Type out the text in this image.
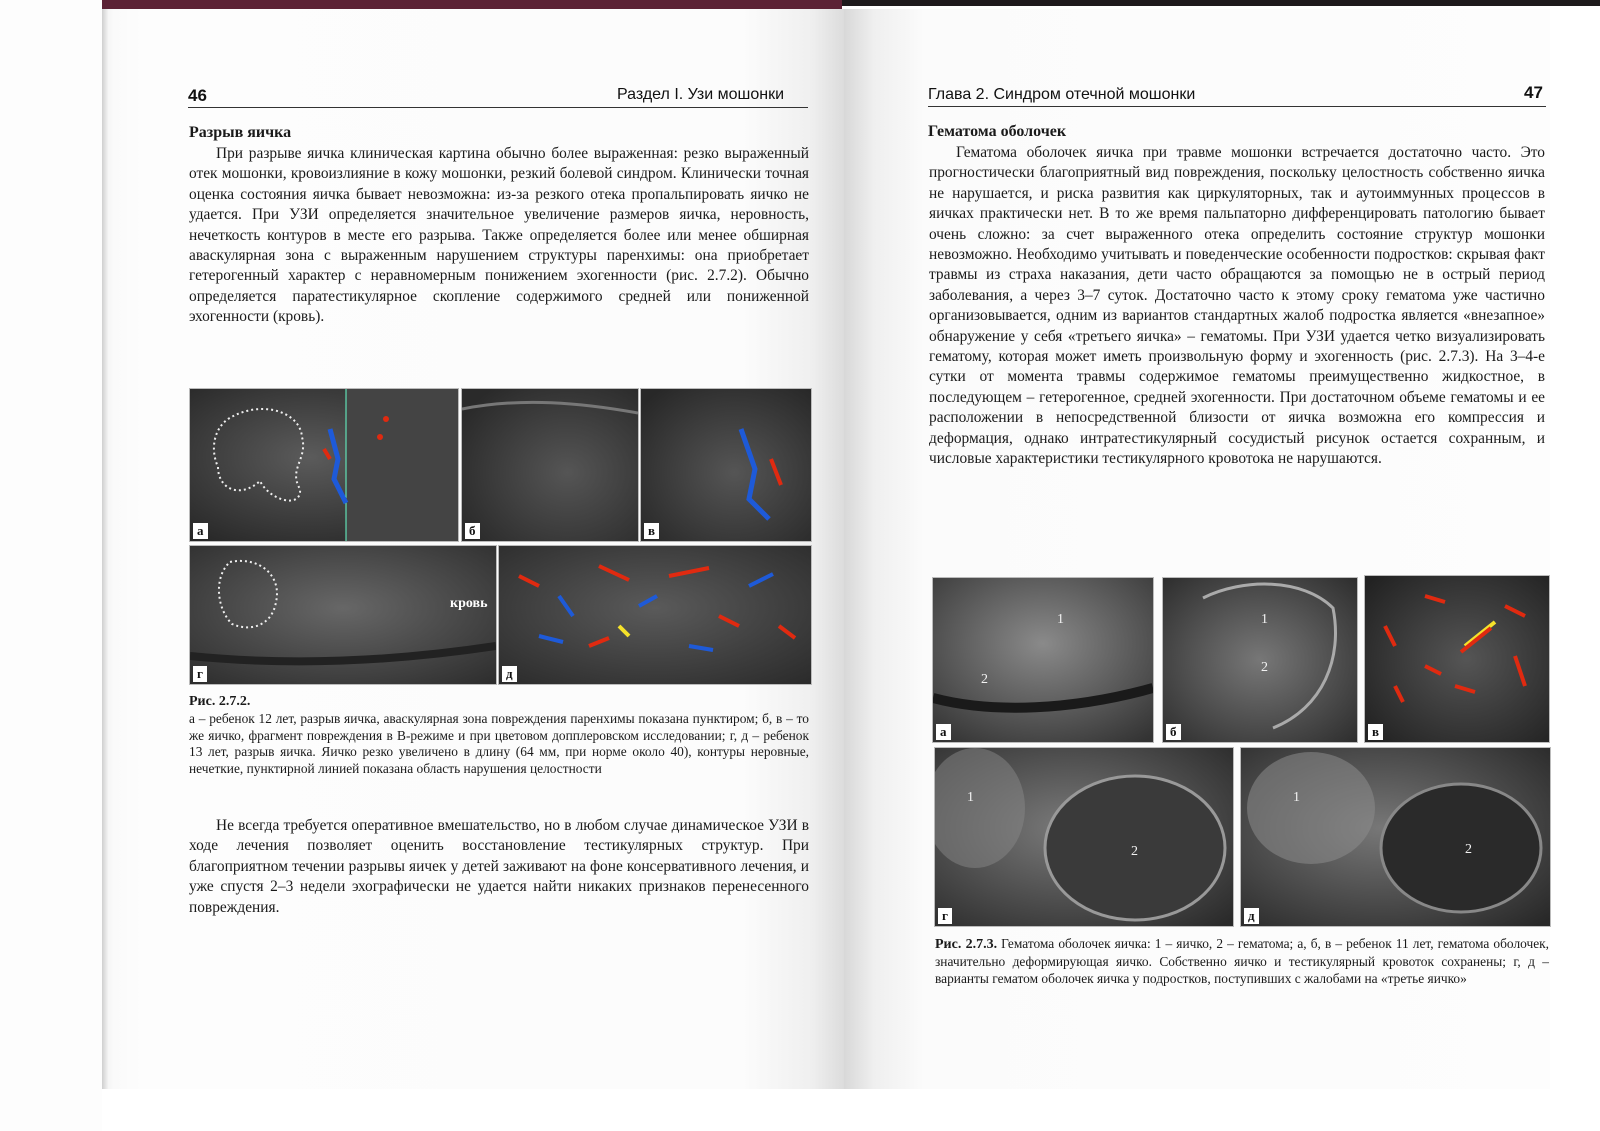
46	Раздел I. Узи мошонки
Разрыв яичка

При разрыве яичка клиническая картина обычно более выраженная: резко выраженный отек мошонки, кровоизлияние в кожу мошонки, резкий болевой синдром. Клинически точная оценка состояния яичка бывает невозможна: из-за резкого отека пропальпировать яичко не удается. При УЗИ определяется значительное увеличение размеров яичка, неровность, нечеткость контуров в месте его разрыва. Также определяется более или менее обширная аваскулярная зона с выраженным нарушением структуры паренхимы: она приобретает гетерогенный характер с неравномерным понижением эхогенности (рис. 2.7.2). Обычно определяется паратестикулярное скопление содержимого средней или пониженной эхогенности (кровь).

а	б	в
кровь
г	д

Рис. 2.7.2.
а – ребенок 12 лет, разрыв яичка, аваскулярная зона повреждения паренхимы показана пунктиром; б, в – то же яичко, фрагмент повреждения в В-режиме и при цветовом допплеровском исследовании; г, д – ребенок 13 лет, разрыв яичка. Яичко резко увеличено в длину (64 мм, при норме около 40), контуры неровные, нечеткие, пунктирной линией показана область нарушения целостности

Не всегда требуется оперативное вмешательство, но в любом случае динамическое УЗИ в ходе лечения позволяет оценить восстановление тестикулярных структур. При благоприятном течении разрывы яичек у детей заживают на фоне консервативного лечения, и уже спустя 2–3 недели эхографически не удается найти никаких признаков перенесенного повреждения.

Глава 2. Синдром отечной мошонки	47
Гематома оболочек

Гематома оболочек яичка при травме мошонки встречается достаточно часто. Это прогностически благоприятный вид повреждения, поскольку целостность собственно яичка не нарушается, и риска развития как циркуляторных, так и аутоиммунных процессов в яичках практически нет. В то же время пальпаторно дифференцировать патологию бывает очень сложно: за счет выраженного отека определить состояние структур мошонки невозможно. Необходимо учитывать и поведенческие особенности подростков: скрывая факт травмы из страха наказания, дети часто обращаются за помощью не в острый период заболевания, а через 3–7 суток. Достаточно часто к этому сроку гематома уже частично организовывается, одним из вариантов стандартных жалоб подростка является «внезапное» обнаружение у себя «третьего яичка» – гематомы. При УЗИ удается четко визуализировать гематому, которая может иметь произвольную форму и эхогенность (рис. 2.7.3). На 3–4-е сутки от момента травмы содержимое гематомы преимущественно жидкостное, в последующем – гетерогенное, средней эхогенности. При достаточном объеме гематомы и ее расположении в непосредственной близости от яичка возможна его компрессия и деформация, однако интратестикулярный сосудистый рисунок остается сохранным, и числовые характеристики тестикулярного кровотока не нарушаются.

1
2
а
1
2
б	в
1
2
г
1
2
д

Рис. 2.7.3. Гематома оболочек яичка: 1 – яичко, 2 – гематома; а, б, в – ребенок 11 лет, гематома оболочек, значительно деформирующая яичко. Собственно яичко и тестикулярный кровоток сохранены; г, д – варианты гематом оболочек яичка у подростков, поступивших с жалобами на «третье яичко»
